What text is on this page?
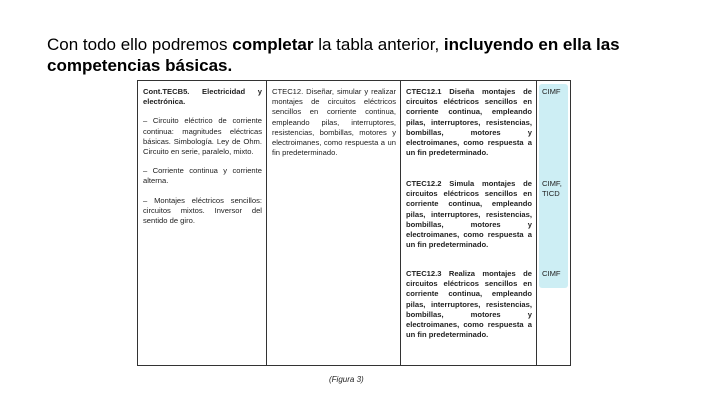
Con todo ello podremos completar la tabla anterior, incluyendo en ella las competencias básicas.

Cont.TECB5. Electricidad y electrónica.

– Circuito eléctrico de corriente continua: magnitudes eléctricas básicas. Simbología. Ley de Ohm. Circuito en serie, paralelo, mixto.

– Corriente continua y corriente alterna.

– Montajes eléctricos sencillos: circuitos mixtos. Inversor del sentido de giro.

CTEC12. Diseñar, simular y realizar montajes de circuitos eléctricos sencillos en corriente continua, empleando pilas, interruptores, resistencias, bombillas, motores y electroimanes, como respuesta a un fin predeterminado.

CTEC12.1 Diseña montajes de circuitos eléctricos sencillos en corriente continua, empleando pilas, interruptores, resistencias, bombillas, motores y electroimanes, como respuesta a un fin predeterminado.

CTEC12.2 Simula montajes de circuitos eléctricos sencillos en corriente continua, empleando pilas, interruptores, resistencias, bombillas, motores y electroimanes, como respuesta a un fin predeterminado.

CTEC12.3 Realiza montajes de circuitos eléctricos sencillos en corriente continua, empleando pilas, interruptores, resistencias, bombillas, motores y electroimanes, como respuesta a un fin predeterminado.

CIMF
CIMF, TICD
CIMF
(Figura 3)
